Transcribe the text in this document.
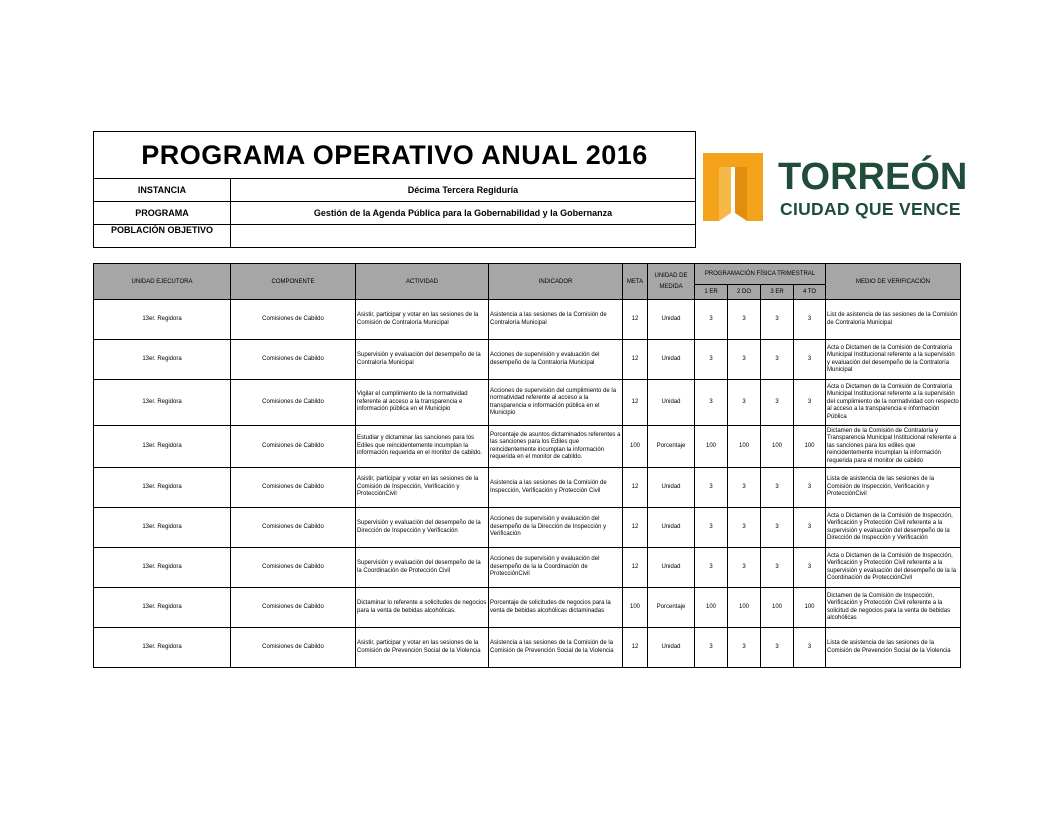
PROGRAMA OPERATIVO ANUAL 2016	
INSTANCIA	Décima Tercera Regiduría
PROGRAMA	Gestión de la Agenda Pública para la Gobernabilidad y la Gobernanza
POBLACIÓN OBJETIVO	
TORREÓN
CIUDAD QUE VENCE
UNIDAD EJECUTORA	COMPONENTE	ACTIVIDAD	INDICADOR	META	UNIDAD DE MEDIDA	PROGRAMACIÓN FÍSICA TRIMESTRAL				MEDIO DE VERIFICACIÓN
						1 ER	2 DO	3 ER	4 TO	
13er. Regidora	Comisiones de Cabildo	Asistir, participar y votar en las sesiones de la Comisión de Contraloría Municipal	Asistencia a las sesiones de la Comisión de Contraloría Municipal	12	Unidad	3	3	3	3	List de asistencia de las sesiones de la Comisión de Contraloría Municipal
13er. Regidora	Comisiones de Cabildo	Supervisión y evaluación del desempeño de la Contraloría Municipal	Acciones de supervisión y evaluación del desempeño de la Contraloría Municipal	12	Unidad	3	3	3	3	Acta o Dictamen de la Comisión de Contraloría Municipal Institucional referente a la supervisión y evaluación del desempeño de la Contraloría Municipal
13er. Regidora	Comisiones de Cabildo	Vigilar el cumplimiento de la normatividad referente al acceso a la transparencia e información pública en el Municipio	Acciones de supervisión del cumplimiento de la normatividad referente al acceso a la transparencia e información pública en el Municipio	12	Unidad	3	3	3	3	Acta o Dictamen de la Comisión de Contraloría Municipal Institucional referente a la supervisión del cumplimiento de la normatividad con respecto al acceso a la transparencia e información Pública
13er. Regidora	Comisiones de Cabildo	Estudiar y dictaminar las sanciones para los Ediles que reincidentemente incumplan la información requerida en el monitor de cabildo.	Porcentaje de asuntos dictaminados referentes a las sanciones para los Ediles que reincidentemente incumplan la información requerida en el monitor de cabildo.	100	Porcentaje	100	100	100	100	Dictamen de la Comisión de Contraloría y Transparencia Municipal Institucional referente a las sanciones para los ediles que reincidentemente incumplan la información requerida para el monitor de cabildo
13er. Regidora	Comisiones de Cabildo	Asistir, participar y votar en las sesiones de la Comisión de Inspección, Verificación y ProtecciónCivil	Asistencia a las sesiones de la Comisión de Inspección, Verificación y Protección Civil	12	Unidad	3	3	3	3	Lista de asistencia de las sesiones de la Comisión de Inspección, Verificación y ProtecciónCivil
13er. Regidora	Comisiones de Cabildo	Supervisión y evaluación del desempeño de la Dirección de Inspección y Verificación	Acciones de supervisión y evaluación del desempeño de la Dirección de Inspección y Verificación	12	Unidad	3	3	3	3	Acta o Dictamen de la Comisión de Inspección, Verificación y Protección Civil referente a la supervisión y evaluación del desempeño de la Dirección de Inspección y Verificación
13er. Regidora	Comisiones de Cabildo	Supervisión y evaluación del desempeño de la la Coordinación de Protección Civil	Acciones de supervisión y evaluación del desempeño de la la Coordinación de ProtecciónCivil	12	Unidad	3	3	3	3	Acta o Dictamen de la Comisión de Inspección, Verificación y Protección Civil referente a la supervisión y evaluación del desempeño de la la Coordinación de ProtecciónCivil
13er. Regidora	Comisiones de Cabildo	Dictaminar lo referente a solicitudes de negocios para la venta de bebidas alcohólicas.	Porcentaje de solicitudes de negocios para la venta de bebidas alcohólicas dictaminadas	100	Porcentaje	100	100	100	100	Dictamen de la Comisión de Inspección, Verificación y Protección Civil referente a la solicitud de negocios para la venta de bebidas alcohólicas
13er. Regidora	Comisiones de Cabildo	Asistir, participar y votar en las sesiones de la Comisión de Prevención Social de la Violencia	Asistencia a las sesiones de la Comisión de la Comisión de Prevención Social de la Violencia	12	Unidad	3	3	3	3	Lista de asistencia de las sesiones de la Comisión de Prevención Social de la Violencia
